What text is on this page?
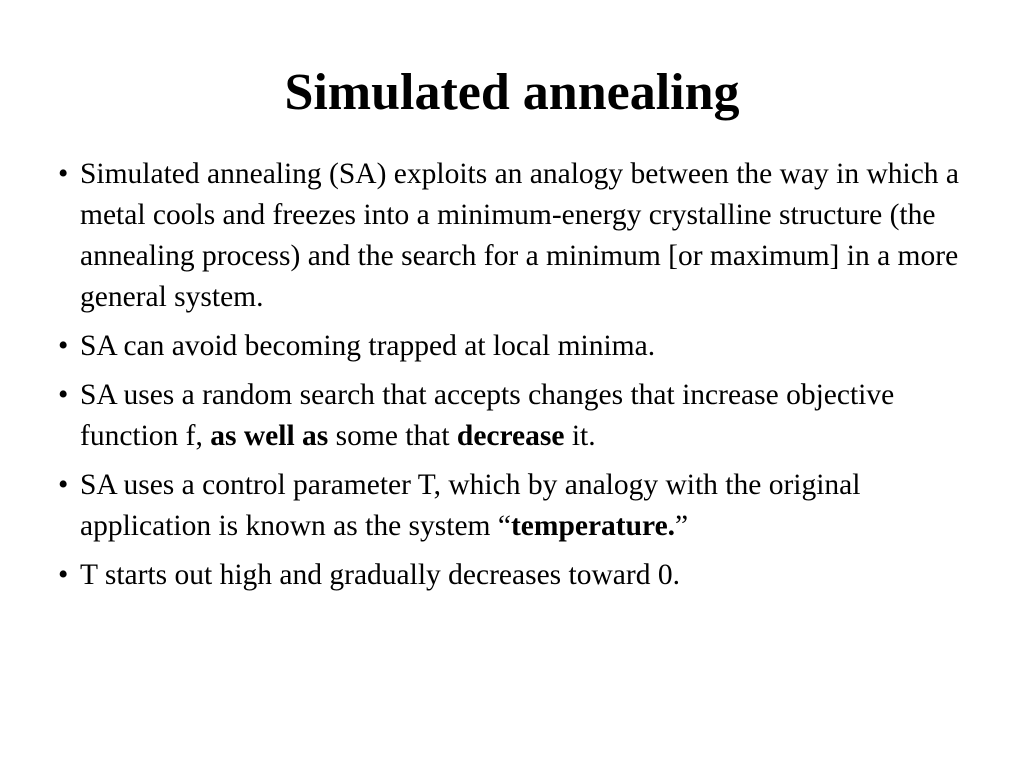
Simulated annealing
• Simulated annealing (SA) exploits an analogy between the way in which a metal cools and freezes into a minimum-energy crystalline structure (the annealing process) and the search for a minimum [or maximum] in a more general system.
• SA can avoid becoming trapped at local minima.
• SA uses a random search that accepts changes that increase objective function f, as well as some that decrease it.
• SA uses a control parameter T, which by analogy with the original application is known as the system “temperature.”
• T starts out high and gradually decreases toward 0.
